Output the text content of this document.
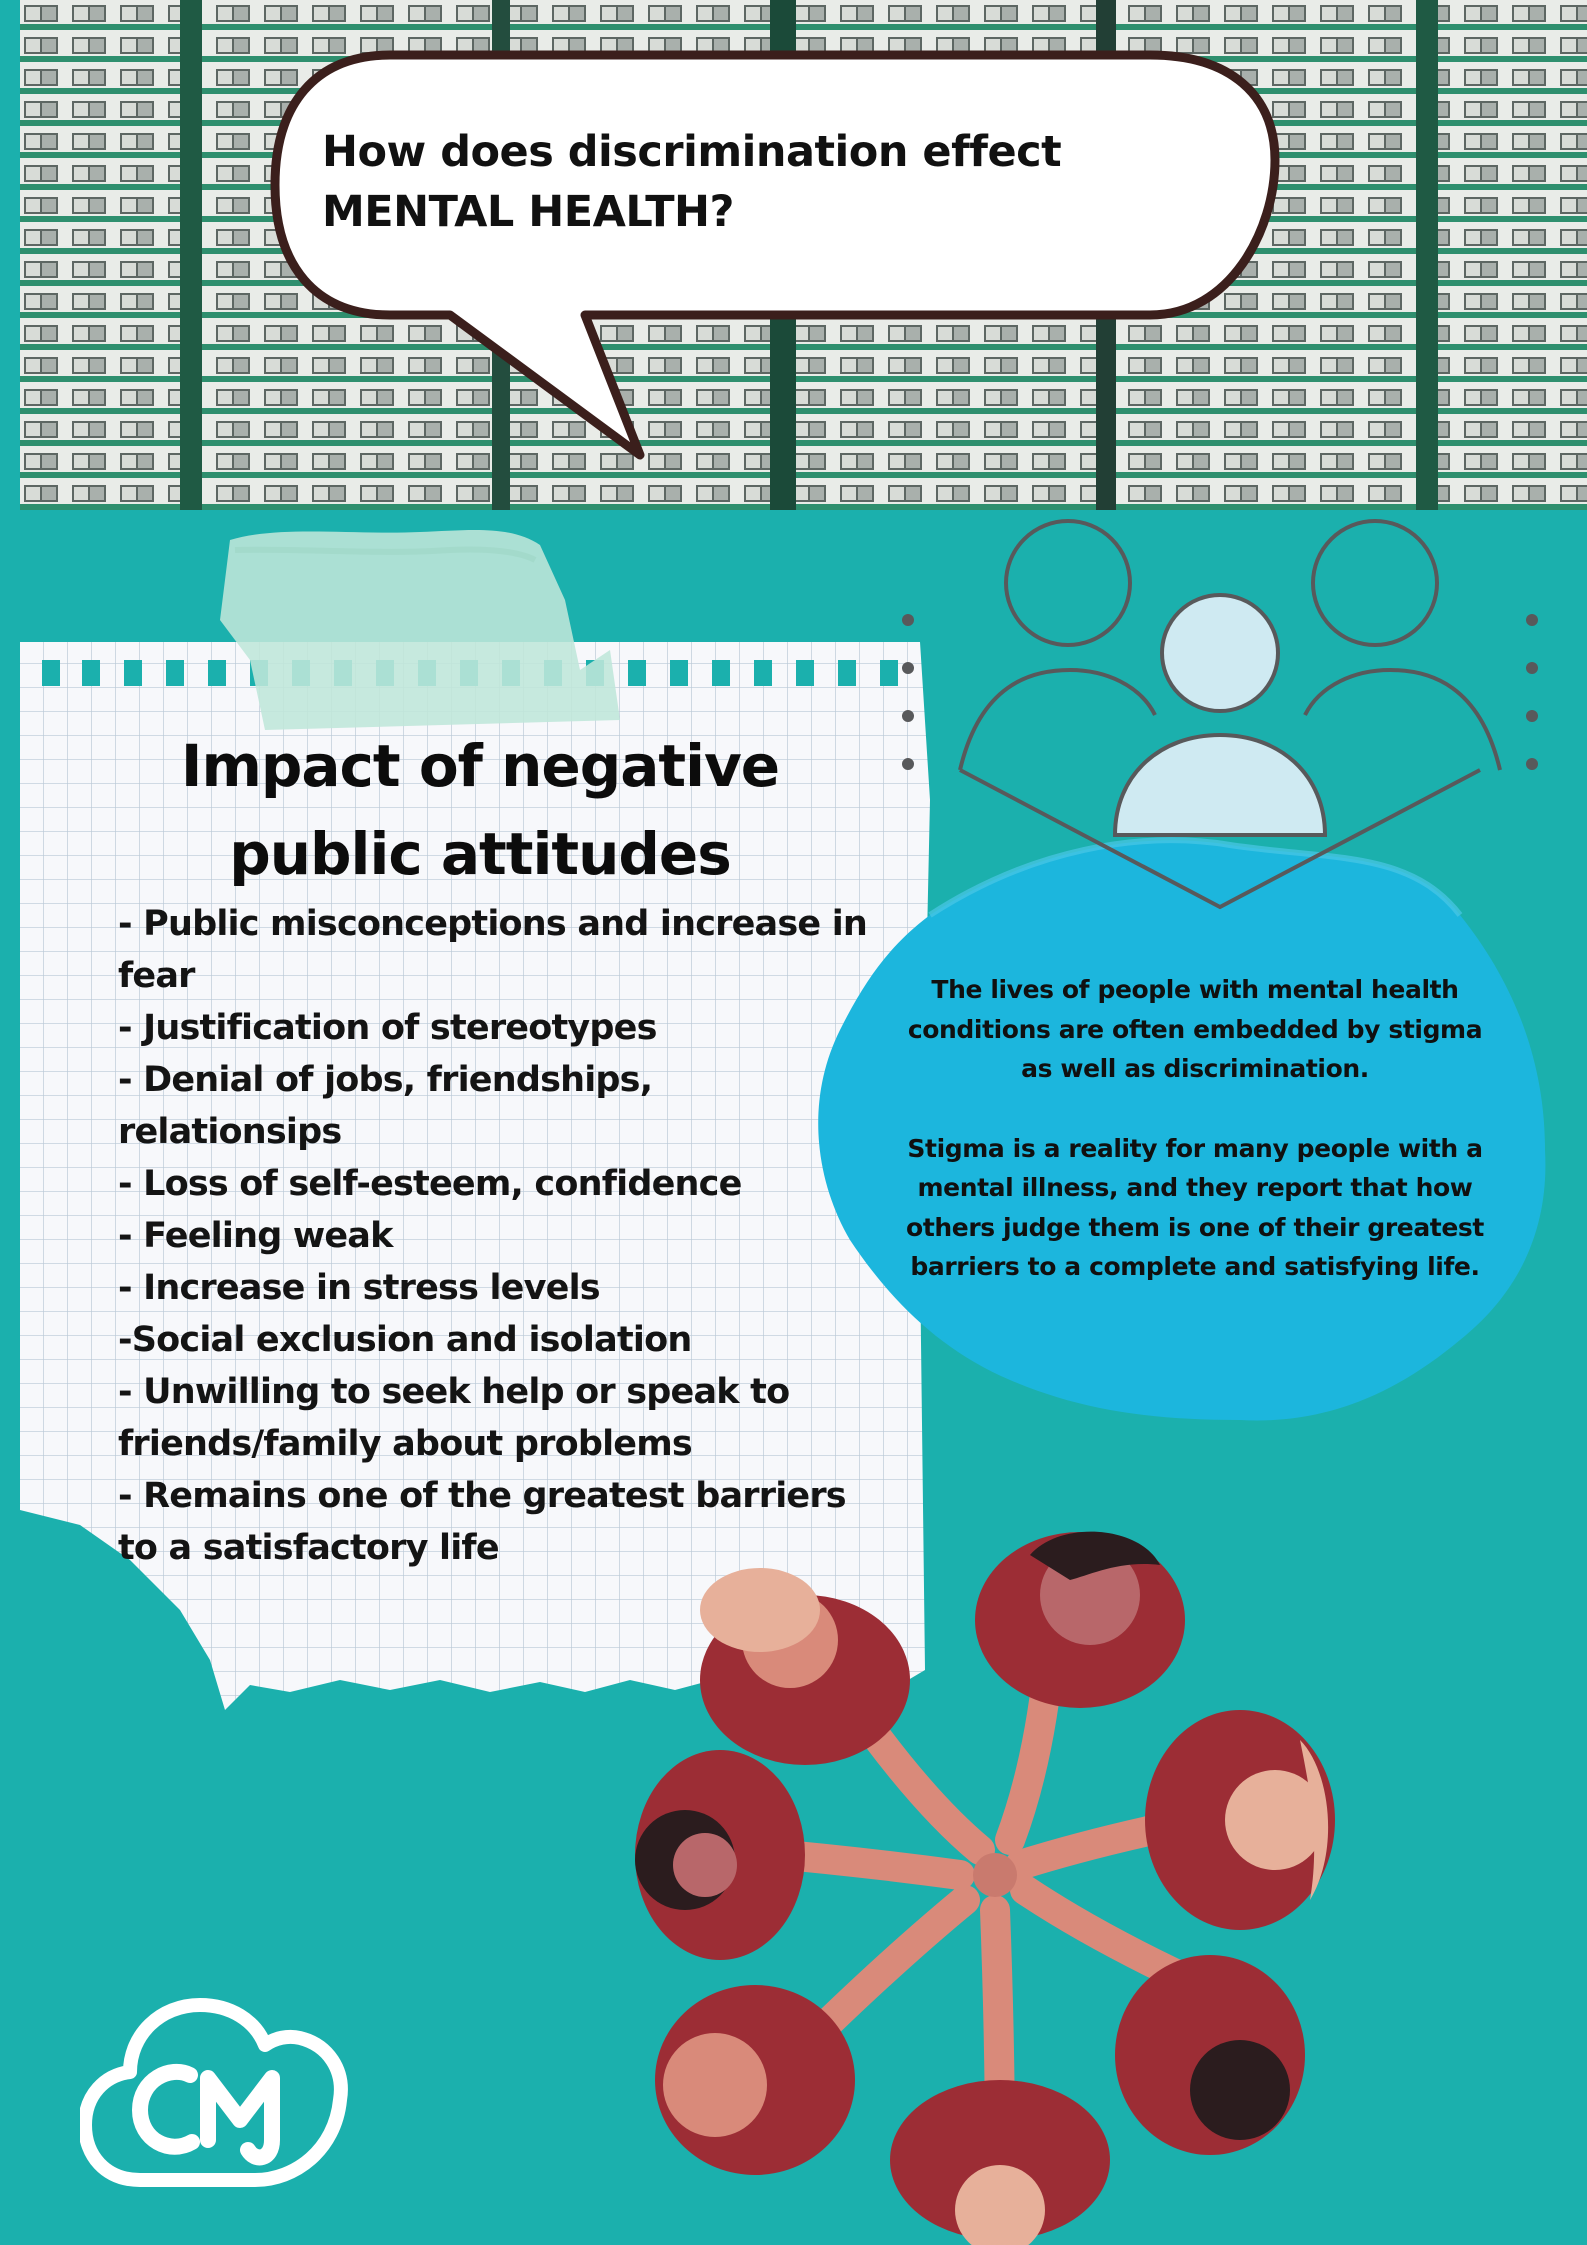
How does discrimination effect
MENTAL HEALTH?
Impact of negative public attitudes
- Public misconceptions and increase in fear
- Justification of stereotypes
- Denial of jobs, friendships, relationsips
- Loss of self-esteem, confidence
- Feeling weak
- Increase in stress levels
-Social exclusion and isolation
- Unwilling to seek help or speak to friends/family about problems
- Remains one of the greatest barriers to a satisfactory life

The lives of people with mental health conditions are often embedded by stigma as well as discrimination.

Stigma is a reality for many people with a mental illness, and they report that how others judge them is one of their greatest barriers to a complete and satisfying life.
